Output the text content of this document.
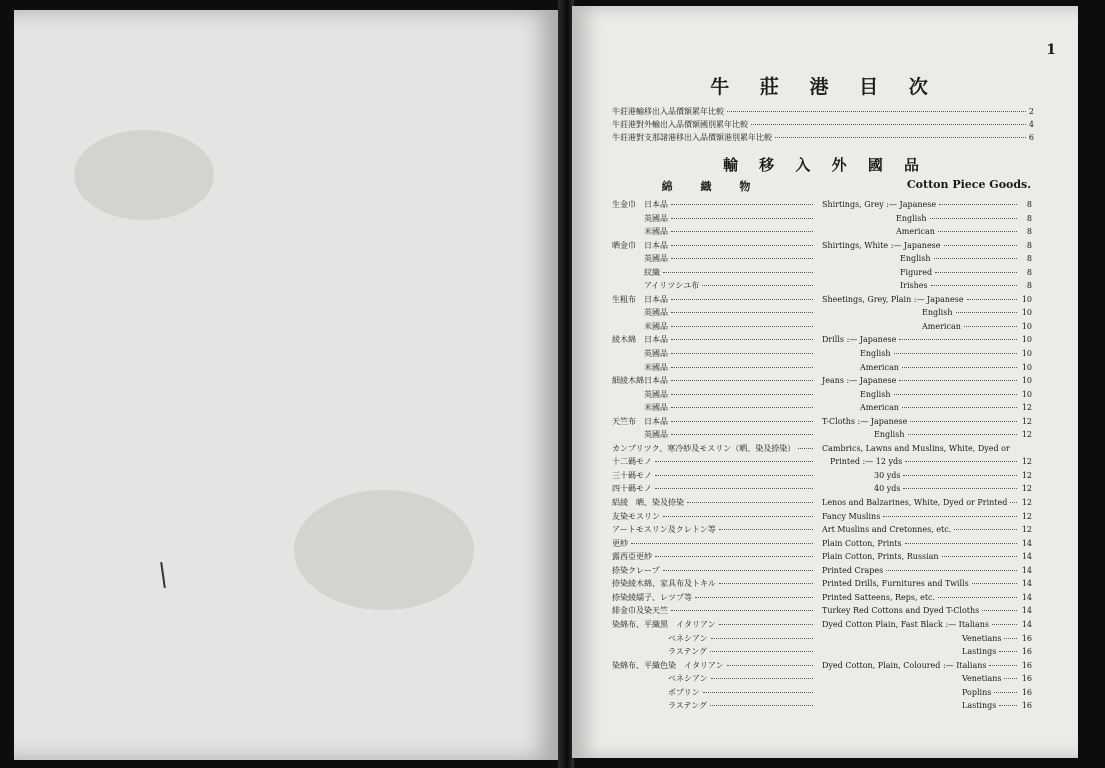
1
牛 莊 港 目 次
牛莊港輸移出入品價額累年比較	2
牛莊港對外輸出入品價額國別累年比較	4
牛莊港對支那諸港移出入品價額港別累年比較	6
輸 移 入 外 國 品
綿 織 物	Cotton Piece Goods.
生金巾	日本品	Shirtings, Grey :— Japanese	8
英國品	English	8
米國品	American	8
晒金巾	日本品	Shirtings, White :— Japanese	8
英國品	English	8
紋織	Figured	8
アイリツシユ布	Irishes	8
生粗布	日本品	Sheetings, Grey, Plain :— Japanese	10
英國品	English	10
米國品	American	10
綾木綿	日本品	Drills :— Japanese	10
英國品	English	10
米國品	American	10
細綾木綿 日本品	Jeans :— Japanese	10
英國品	English	10
米國品	American	12
天竺布	日本品	T-Cloths :— Japanese	12
英國品	English	12
カンブリツク、寒冷紗及モスリン（晒、染及捺染）	Cambrics, Lawns and Muslins, White, Dyed or
十二碼モノ	Printed :— 12 yds	12
三十碼モノ	30 yds	12
四十碼モノ	40 yds	12
絽綾　晒、染及捺染	Lenos and Balzarines, White, Dyed or Printed 12
友染モスリン	Fancy Muslins	12
アートモスリン及クレトン等	Art Muslins and Cretonnes, etc.	12
更紗	Plain Cotton, Prints	14
露西亞更紗	Plain Cotton, Prints, Russian	14
捺染クレープ	Printed Crapes	14
捺染綾木綿、家具布及トキル	Printed Drills, Furnitures and Twills	14
捺染綾繻子、レツプ等	Printed Satteens, Reps, etc.	14
緋金巾及染天竺	Turkey Red Cottons and Dyed T-Cloths	14
染綿布、平織黑　イタリアン	Dyed Cotton Plain, Fast Black :— Italians	14
　　　　　　　ベネシアン	Venetians	16
　　　　　　　ラステング	Lastings	16
染綿布、平織色染　イタリアン	Dyed Cotton, Plain, Coloured :— Italians	16
　　　　　　　ベネシアン	Venetians	16
　　　　　　　ポプリン	Poplins	16
　　　　　　　ラステング	Lastings	16
